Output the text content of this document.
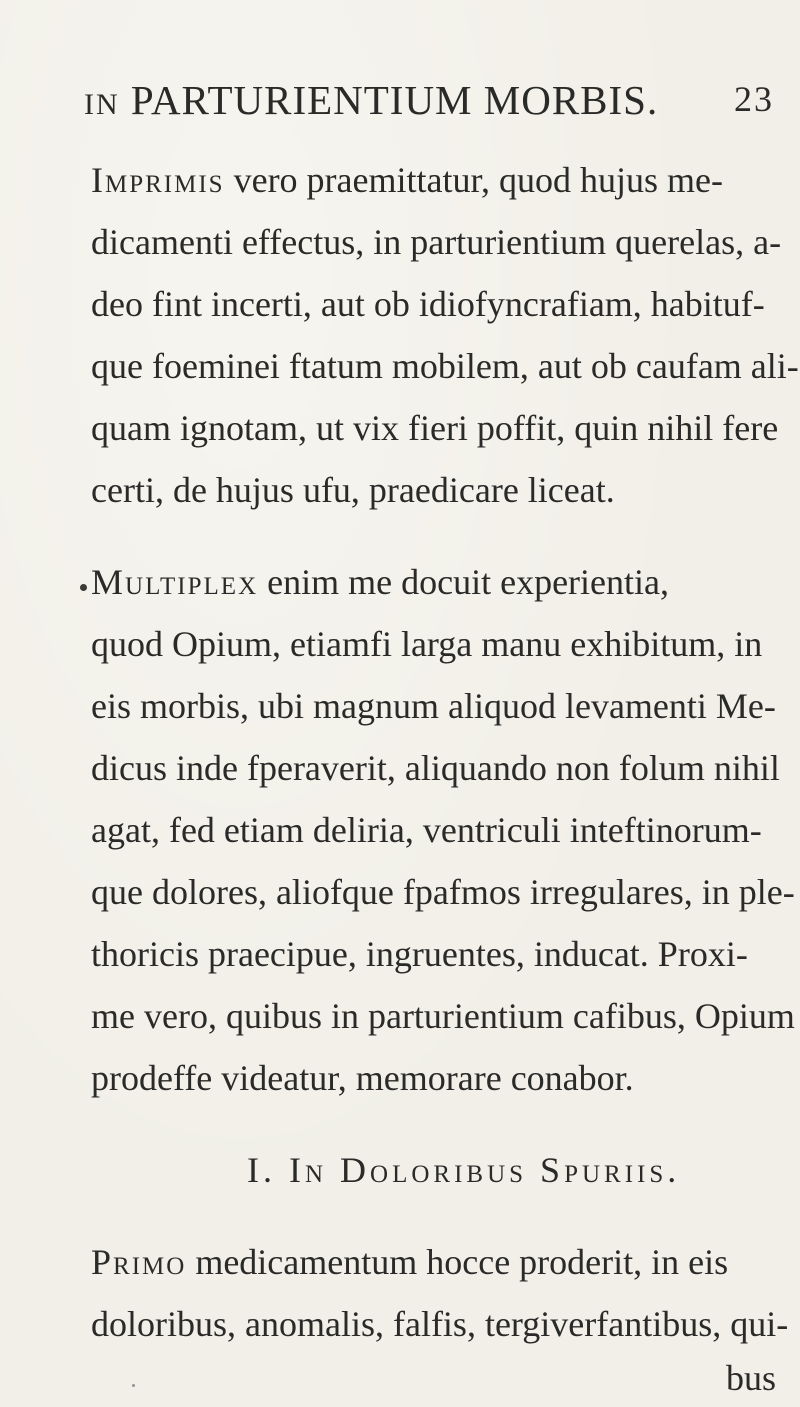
IN PARTURIENTIUM MORBIS. 23
Imprimis vero praemittatur, quod hujus me-
dicamenti effectus, in parturientium querelas, a-
deo fint incerti, aut ob idiofyncrafiam, habituf-
que foeminei ftatum mobilem, aut ob caufam ali-
quam ignotam, ut vix fieri poffit, quin nihil fere
certi, de hujus ufu, praedicare liceat.
Multiplex enim me docuit experientia,
quod Opium, etiamfi larga manu exhibitum, in
eis morbis, ubi magnum aliquod levamenti Me-
dicus inde fperaverit, aliquando non folum nihil
agat, fed etiam deliria, ventriculi inteftinorum-
que dolores, aliofque fpafmos irregulares, in ple-
thoricis praecipue, ingruentes, inducat. Proxi-
me vero, quibus in parturientium cafibus, Opium
prodeffe videatur, memorare conabor.
I. In Doloribus Spuriis.
Primo medicamentum hocce proderit, in eis
doloribus, anomalis, falfis, tergiverfantibus, qui-
bus
